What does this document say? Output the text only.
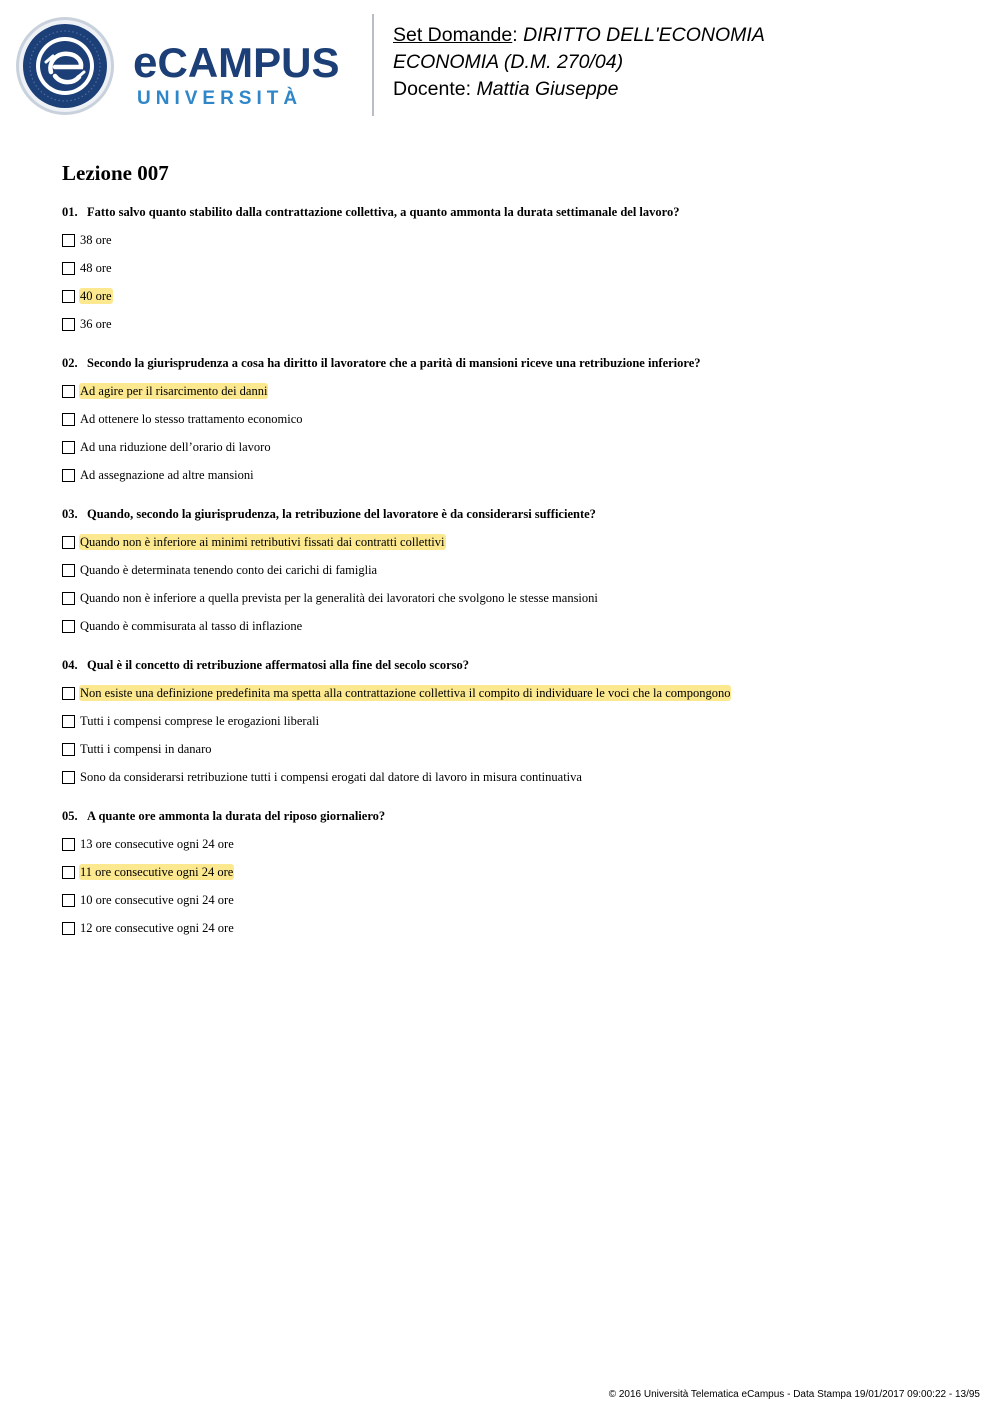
eCAMPUS
UNIVERSITÀ
Set Domande: DIRITTO DELL'ECONOMIA
ECONOMIA (D.M. 270/04)
Docente: Mattia Giuseppe
Lezione 007
01. Fatto salvo quanto stabilito dalla contrattazione collettiva, a quanto ammonta la durata settimanale del lavoro?
38 ore
48 ore
40 ore
36 ore
02. Secondo la giurisprudenza a cosa ha diritto il lavoratore che a parità di mansioni riceve una retribuzione inferiore?
Ad agire per il risarcimento dei danni
Ad ottenere lo stesso trattamento economico
Ad una riduzione dell’orario di lavoro
Ad assegnazione ad altre mansioni
03. Quando, secondo la giurisprudenza, la retribuzione del lavoratore è da considerarsi sufficiente?
Quando non è inferiore ai minimi retributivi fissati dai contratti collettivi
Quando è determinata tenendo conto dei carichi di famiglia
Quando non è inferiore a quella prevista per la generalità dei lavoratori che svolgono le stesse mansioni
Quando è commisurata al tasso di inflazione
04. Qual è il concetto di retribuzione affermatosi alla fine del secolo scorso?
Non esiste una definizione predefinita ma spetta alla contrattazione collettiva il compito di individuare le voci che la compongono
Tutti i compensi comprese le erogazioni liberali
Tutti i compensi in danaro
Sono da considerarsi retribuzione tutti i compensi erogati dal datore di lavoro in misura continuativa
05. A quante ore ammonta la durata del riposo giornaliero?
13 ore consecutive ogni 24 ore
11 ore consecutive ogni 24 ore
10 ore consecutive ogni 24 ore
12 ore consecutive ogni 24 ore
© 2016 Università Telematica eCampus - Data Stampa 19/01/2017 09:00:22 - 13/95
